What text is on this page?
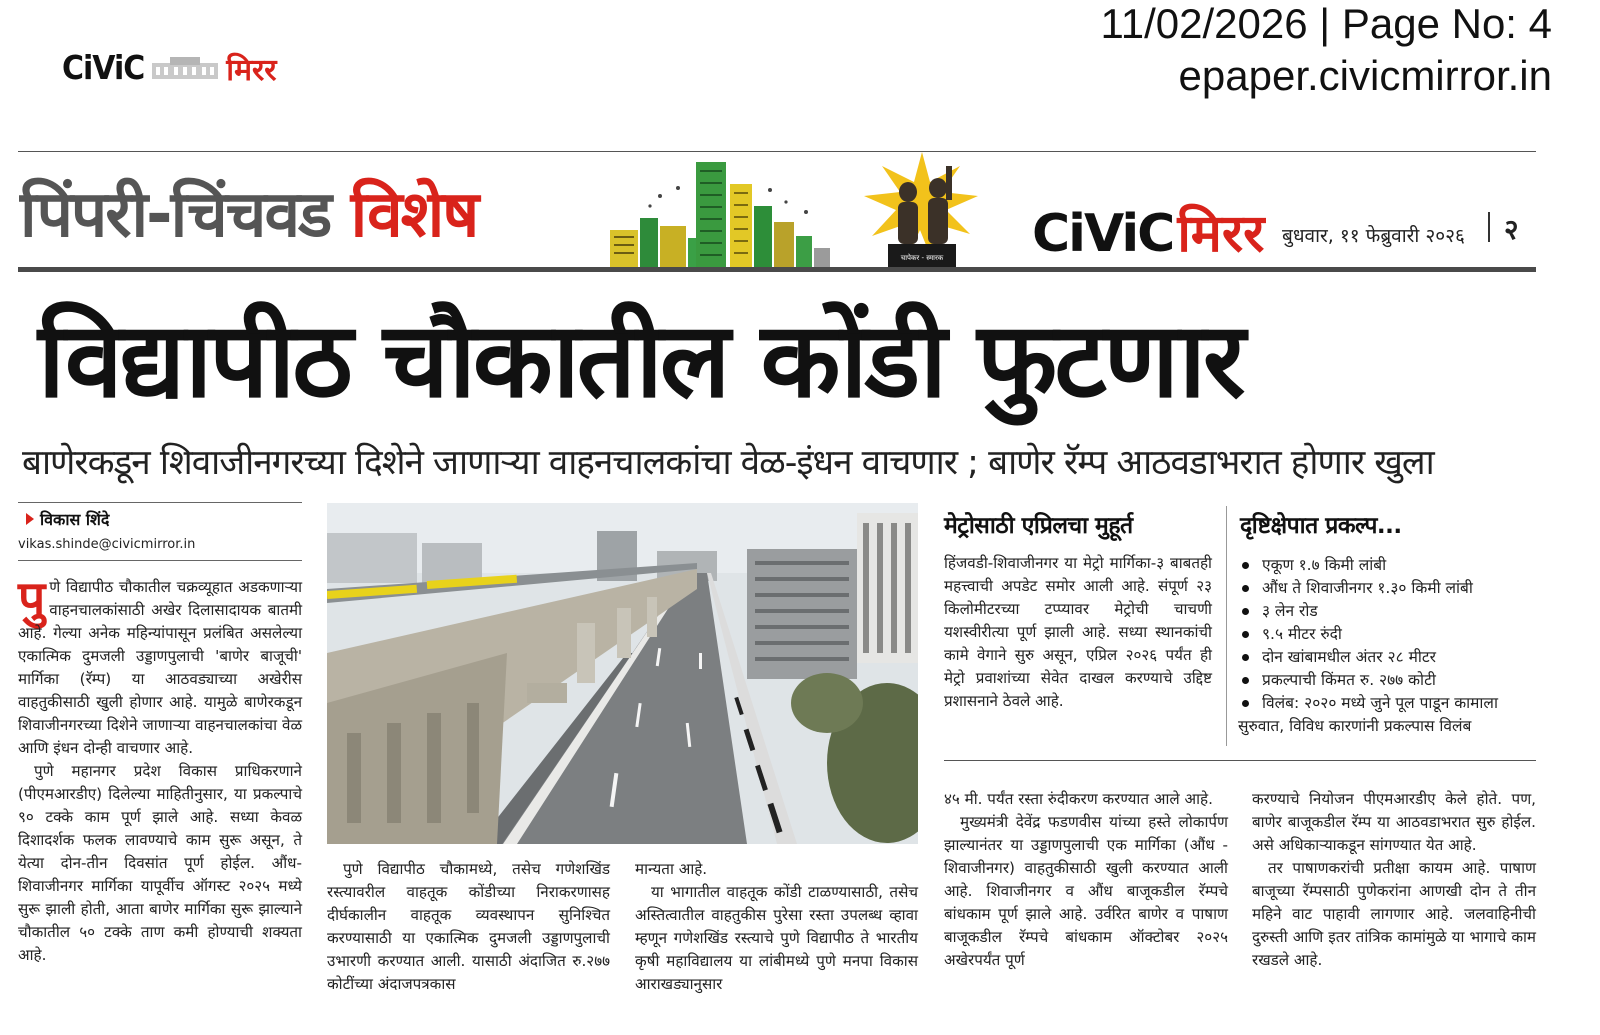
CiViC	मिरर
11/02/2026 | Page No: 4
epaper.civicmirror.in
पिंपरी-चिंचवड विशेष
चापेकर - स्मारक CiViC मिरर बुधवार, ११ फेब्रुवारी २०२६ २
विद्यापीठ चौकातील कोंडी फुटणार
बाणेरकडून शिवाजीनगरच्या दिशेने जाणाऱ्या वाहनचालकांचा वेळ-इंधन वाचणार ; बाणेर रॅम्प आठवडाभरात होणार खुला
विकास शिंदे
vikas.shinde@civicmirror.in

पुणे विद्यापीठ चौकातील चक्रव्यूहात अडकणाऱ्या वाहनचालकांसाठी अखेर दिलासादायक बातमी आहे. गेल्या अनेक महिन्यांपासून प्रलंबित असलेल्या एकात्मिक दुमजली उड्डाणपुलाची 'बाणेर बाजूची' मार्गिका (रॅम्प) या आठवड्याच्या अखेरीस वाहतुकीसाठी खुली होणार आहे. यामुळे बाणेरकडून शिवाजीनगरच्या दिशेने जाणाऱ्या वाहनचालकांचा वेळ आणि इंधन दोन्ही वाचणार आहे.

पुणे महानगर प्रदेश विकास प्राधिकरणाने (पीएमआरडीए) दिलेल्या माहितीनुसार, या प्रकल्पाचे ९० टक्के काम पूर्ण झाले आहे. सध्या केवळ दिशादर्शक फलक लावण्याचे काम सुरू असून, ते येत्या दोन-तीन दिवसांत पूर्ण होईल. औंध-शिवाजीनगर मार्गिका यापूर्वीच ऑगस्ट २०२५ मध्ये सुरू झाली होती, आता बाणेर मार्गिका सुरू झाल्याने चौकातील ५० टक्के ताण कमी होण्याची शक्यता आहे.

पुणे विद्यापीठ चौकामध्ये, तसेच गणेशखिंड रस्त्यावरील वाहतूक कोंडीच्या निराकरणासह दीर्घकालीन वाहतूक व्यवस्थापन सुनिश्चित करण्यासाठी या एकात्मिक दुमजली उड्डाणपुलाची उभारणी करण्यात आली. यासाठी अंदाजित रु.२७७ कोटींच्या अंदाजपत्रकास

मान्यता आहे.

या भागातील वाहतूक कोंडी टाळण्यासाठी, तसेच अस्तित्वातील वाहतुकीस पुरेसा रस्ता उपलब्ध व्हावा म्हणून गणेशखिंड रस्त्याचे पुणे विद्यापीठ ते भारतीय कृषी महाविद्यालय या लांबीमध्ये पुणे मनपा विकास आराखड्यानुसार

मेट्रोसाठी एप्रिलचा मुहूर्त

हिंजवडी-शिवाजीनगर या मेट्रो मार्गिका-३ बाबतही महत्त्वाची अपडेट समोर आली आहे. संपूर्ण २३ किलोमीटरच्या टप्प्यावर मेट्रोची चाचणी यशस्वीरीत्या पूर्ण झाली आहे. सध्या स्थानकांची कामे वेगाने सुरु असून, एप्रिल २०२६ पर्यंत ही मेट्रो प्रवाशांच्या सेवेत दाखल करण्याचे उद्दिष्ट प्रशासनाने ठेवले आहे.

दृष्टिक्षेपात प्रकल्प...
एकूण १.७ किमी लांबी
औंध ते शिवाजीनगर १.३० किमी लांबी
३ लेन रोड
९.५ मीटर रुंदी
दोन खांबामधील अंतर २८ मीटर
प्रकल्पाची किंमत रु. २७७ कोटी
विलंब: २०२० मध्ये जुने पूल पाडून कामाला
सुरुवात, विविध कारणांनी प्रकल्पास विलंब

४५ मी. पर्यंत रस्ता रुंदीकरण करण्यात आले आहे.

मुख्यमंत्री देवेंद्र फडणवीस यांच्या हस्ते लोकार्पण झाल्यानंतर या उड्डाणपुलाची एक मार्गिका (औंध - शिवाजीनगर) वाहतुकीसाठी खुली करण्यात आली आहे. शिवाजीनगर व औंध बाजूकडील रॅम्पचे बांधकाम पूर्ण झाले आहे. उर्वरित बाणेर व पाषाण बाजूकडील रॅम्पचे बांधकाम ऑक्टोबर २०२५ अखेरपर्यंत पूर्ण

करण्याचे नियोजन पीएमआरडीए केले होते. पण, बाणेर बाजूकडील रॅम्प या आठवडाभरात सुरु होईल. असे अधिकाऱ्याकडून सांगण्यात येत आहे.

तर पाषाणकरांची प्रतीक्षा कायम आहे. पाषाण बाजूच्या रॅम्पसाठी पुणेकरांना आणखी दोन ते तीन महिने वाट पाहावी लागणार आहे. जलवाहिनीची दुरुस्ती आणि इतर तांत्रिक कामांमुळे या भागाचे काम रखडले आहे.
